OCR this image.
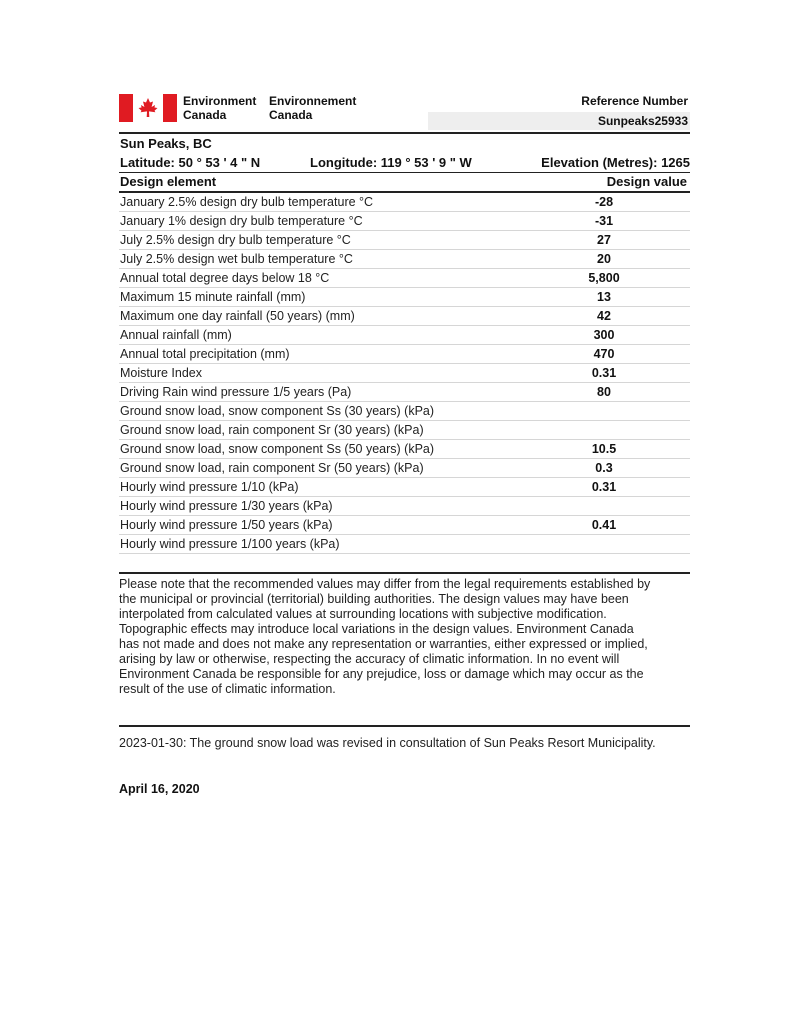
Environment
Canada
Environnement
Canada
Reference Number
Sunpeaks25933
Sun Peaks, BC
Latitude: 50 ° 53 ' 4 " N	Longitude: 119 ° 53 ' 9 " W	Elevation (Metres): 1265
Design element	Design value
January 2.5% design dry bulb temperature °C	-28
January 1% design dry bulb temperature °C	-31
July 2.5% design dry bulb temperature °C	27
July 2.5% design wet bulb temperature °C	20
Annual total degree days below 18 °C	5,800
Maximum 15 minute rainfall (mm)	13
Maximum one day rainfall (50 years) (mm)	42
Annual rainfall (mm)	300
Annual total precipitation (mm)	470
Moisture Index	0.31
Driving Rain wind pressure 1/5 years (Pa)	80
Ground snow load, snow component Ss (30 years) (kPa)	
Ground snow load, rain component Sr (30 years) (kPa)	
Ground snow load, snow component Ss (50 years) (kPa)	10.5
Ground snow load, rain component Sr (50 years) (kPa)	0.3
Hourly wind pressure 1/10 (kPa)	0.31
Hourly wind pressure 1/30 years (kPa)	
Hourly wind pressure 1/50 years (kPa)	0.41
Hourly wind pressure 1/100 years (kPa)	
Please note that the recommended values may differ from the legal requirements established by
the municipal or provincial (territorial) building authorities. The design values may have been
interpolated from calculated values at surrounding locations with subjective modification.
Topographic effects may introduce local variations in the design values. Environment Canada
has not made and does not make any representation or warranties, either expressed or implied,
arising by law or otherwise, respecting the accuracy of climatic information. In no event will
Environment Canada be responsible for any prejudice, loss or damage which may occur as the
result of the use of climatic information.
2023-01-30: The ground snow load was revised in consultation of Sun Peaks Resort Municipality.
April 16, 2020
